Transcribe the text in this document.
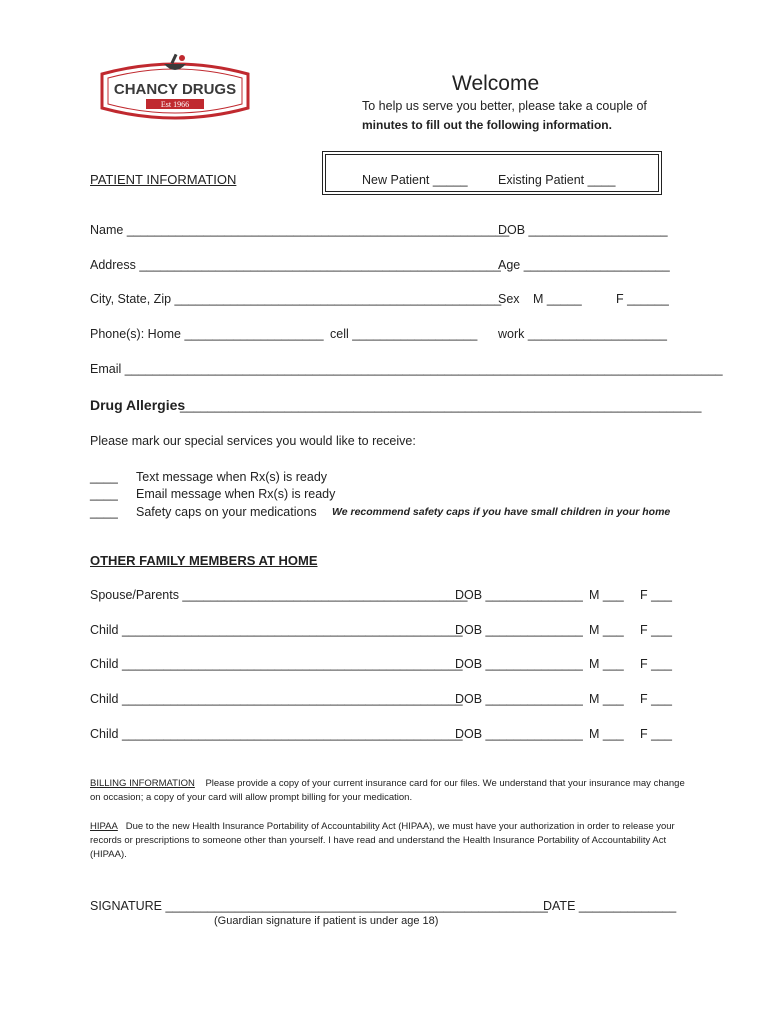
CHANCY DRUGS
Est 1966
Welcome
To help us serve you better, please take a couple of
minutes to fill out the following information.
PATIENT INFORMATION	New Patient _____ Existing Patient ____
Name _______________________________________________________
DOB ____________________
Address ____________________________________________________
Age _____________________
City, State, Zip _______________________________________________
Sex M _____	F ______
Phone(s): Home ____________________ cell __________________ work ____________________
Email ______________________________________________________________________________________
Drug Allergies
___________________________________________________________________________
Please mark our special services you would like to receive:
____ Text message when Rx(s) is ready
____ Email message when Rx(s) is ready
____ Safety caps on your medications We recommend safety caps if you have small children in your home
OTHER FAMILY MEMBERS AT HOME
Spouse/Parents _________________________________________
DOB ______________ M ___ F ___
Child _________________________________________________
DOB ______________ M ___ F ___
Child _________________________________________________
DOB ______________ M ___ F ___
Child _________________________________________________
DOB ______________ M ___ F ___
Child _________________________________________________
DOB ______________ M ___ F ___
BILLING INFORMATION Please provide a copy of your current insurance card for our files. We understand that your insurance may change on occasion; a copy of your card will allow prompt billing for your medication.
HIPAA Due to the new Health Insurance Portability of Accountability Act (HIPAA), we must have your authorization in order to release your records or prescriptions to someone other than yourself. I have read and understand the Health Insurance Portability of Accountability Act (HIPAA).
SIGNATURE _______________________________________________________
(Guardian signature if patient is under age 18)
DATE ______________
